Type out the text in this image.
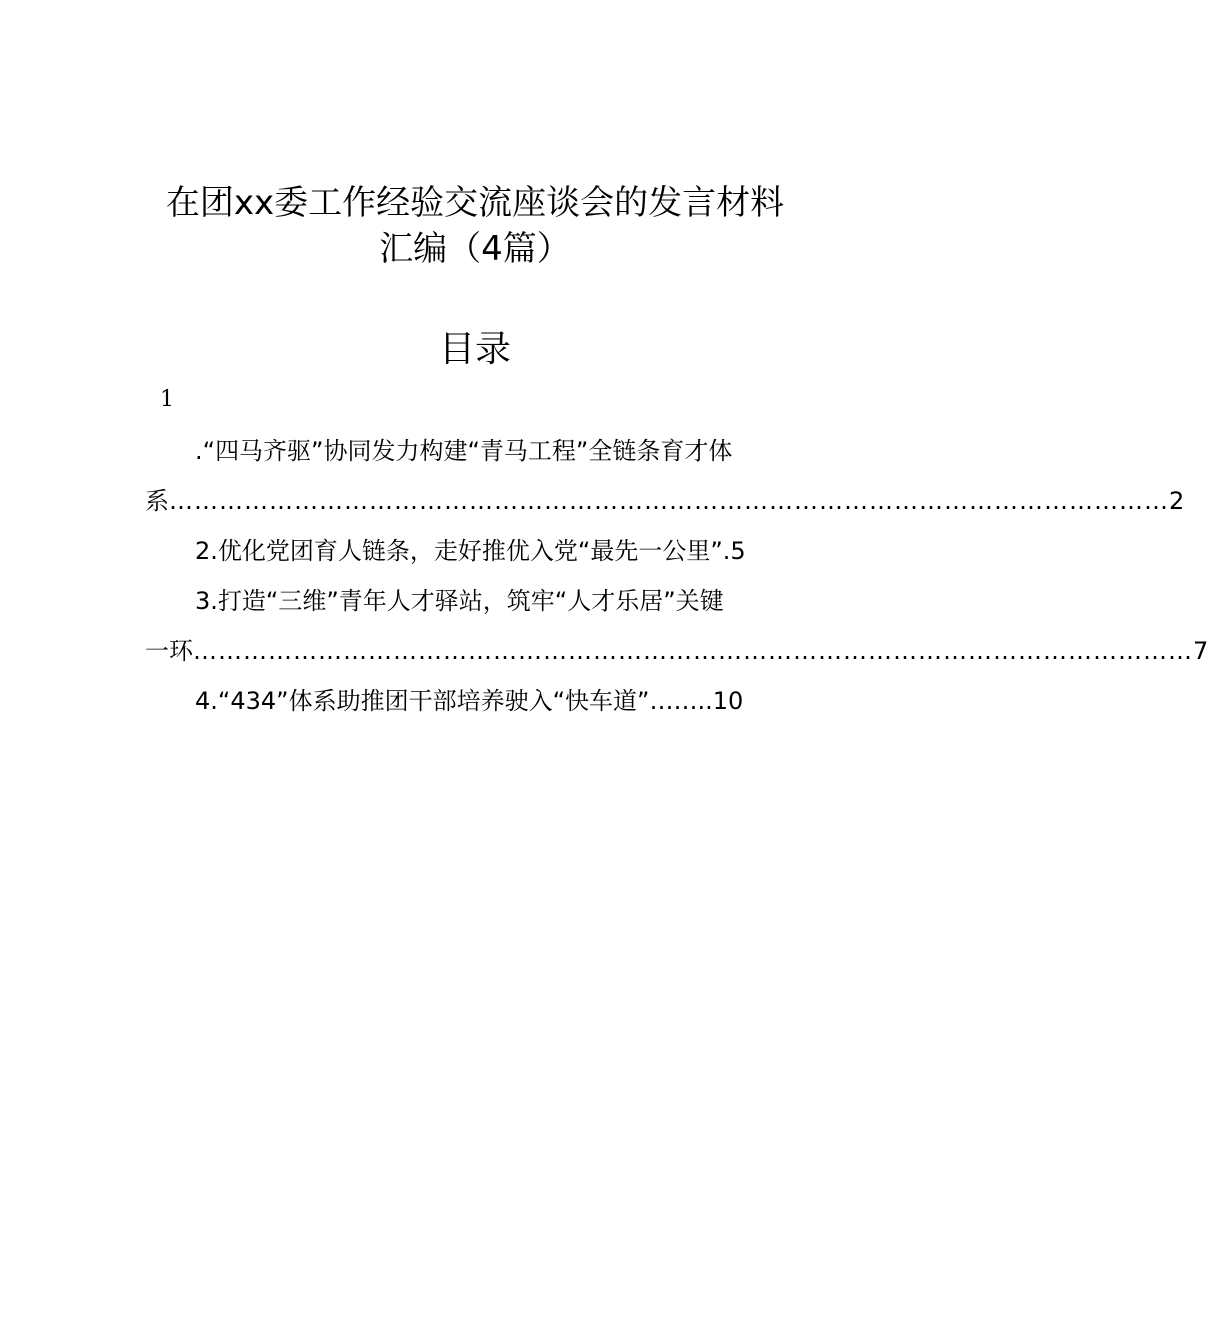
在团xx委工作经验交流座谈会的发言材料
汇编（4篇）
目录
1
.“四马齐驱”协同发力构建“青马工程”全链条育才体
系 ………………………………………………………………………………………………………… 2
2.优化党团育人链条，走好推优入党“最先一公里”.5
3.打造“三维”青年人才驿站，筑牢“人才乐居”关键
一环 ………………………………………………………………………………………………………… 7
4.“434”体系助推团干部培养驶入“快车道”……..10
